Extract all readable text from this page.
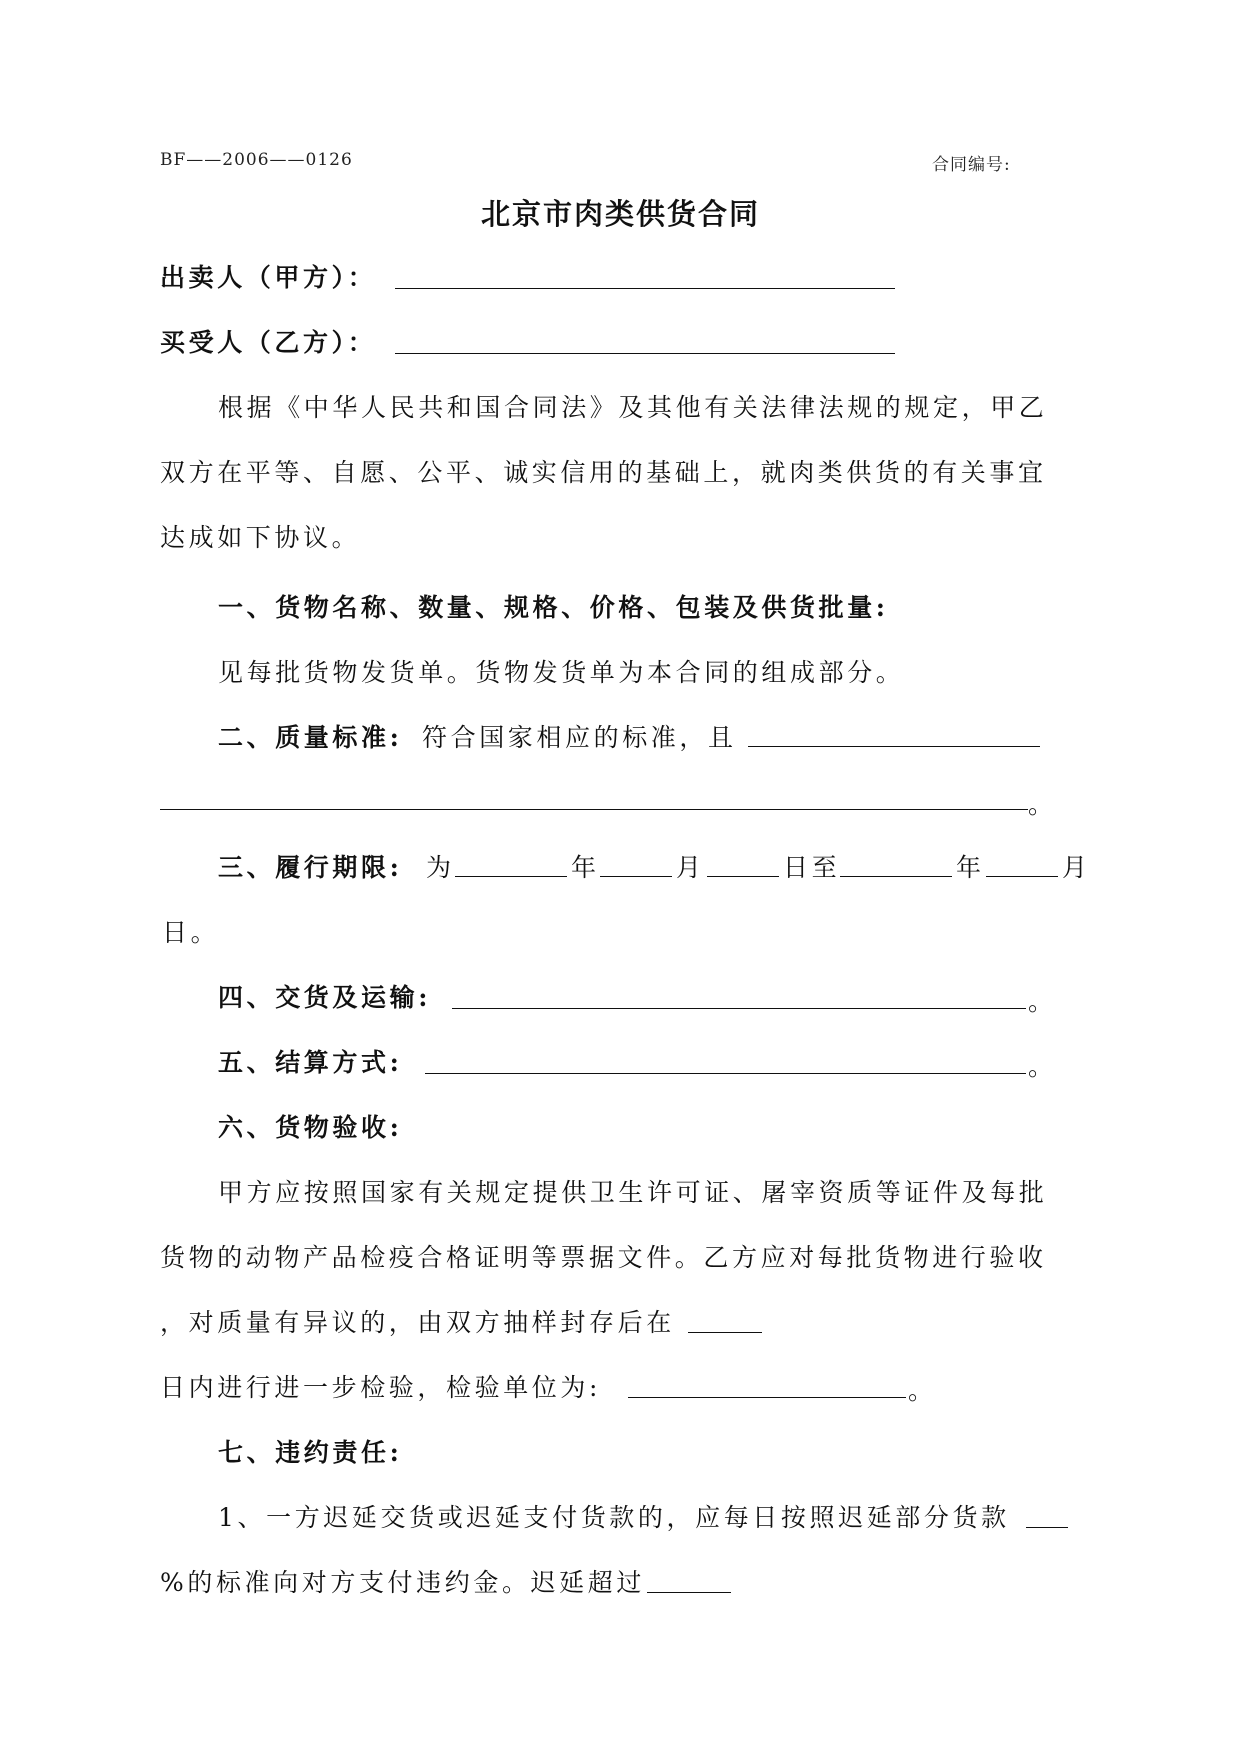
BF——2006——0126	合同编号:
北京市肉类供货合同
出卖人（甲方）：
买受人（乙方）：
根据《中华人民共和国合同法》及其他有关法律法规的规定，甲乙
双方在平等、自愿、公平、诚实信用的基础上，就肉类供货的有关事宜
达成如下协议。
一、货物名称、数量、规格、价格、包装及供货批量:
见每批货物发货单。货物发货单为本合同的组成部分。
二、质量标准: 符合国家相应的标准，且
。
三、履行期限: 为	年	月	日至	年	月
日。
四、交货及运输:	。
五、结算方式:	。
六、货物验收:
甲方应按照国家有关规定提供卫生许可证、屠宰资质等证件及每批
货物的动物产品检疫合格证明等票据文件。乙方应对每批货物进行验收
，对质量有异议的，由双方抽样封存后在
日内进行进一步检验，检验单位为:	。
七、违约责任:
1、一方迟延交货或迟延支付货款的，应每日按照迟延部分货款
%的标准向对方支付违约金。迟延超过
